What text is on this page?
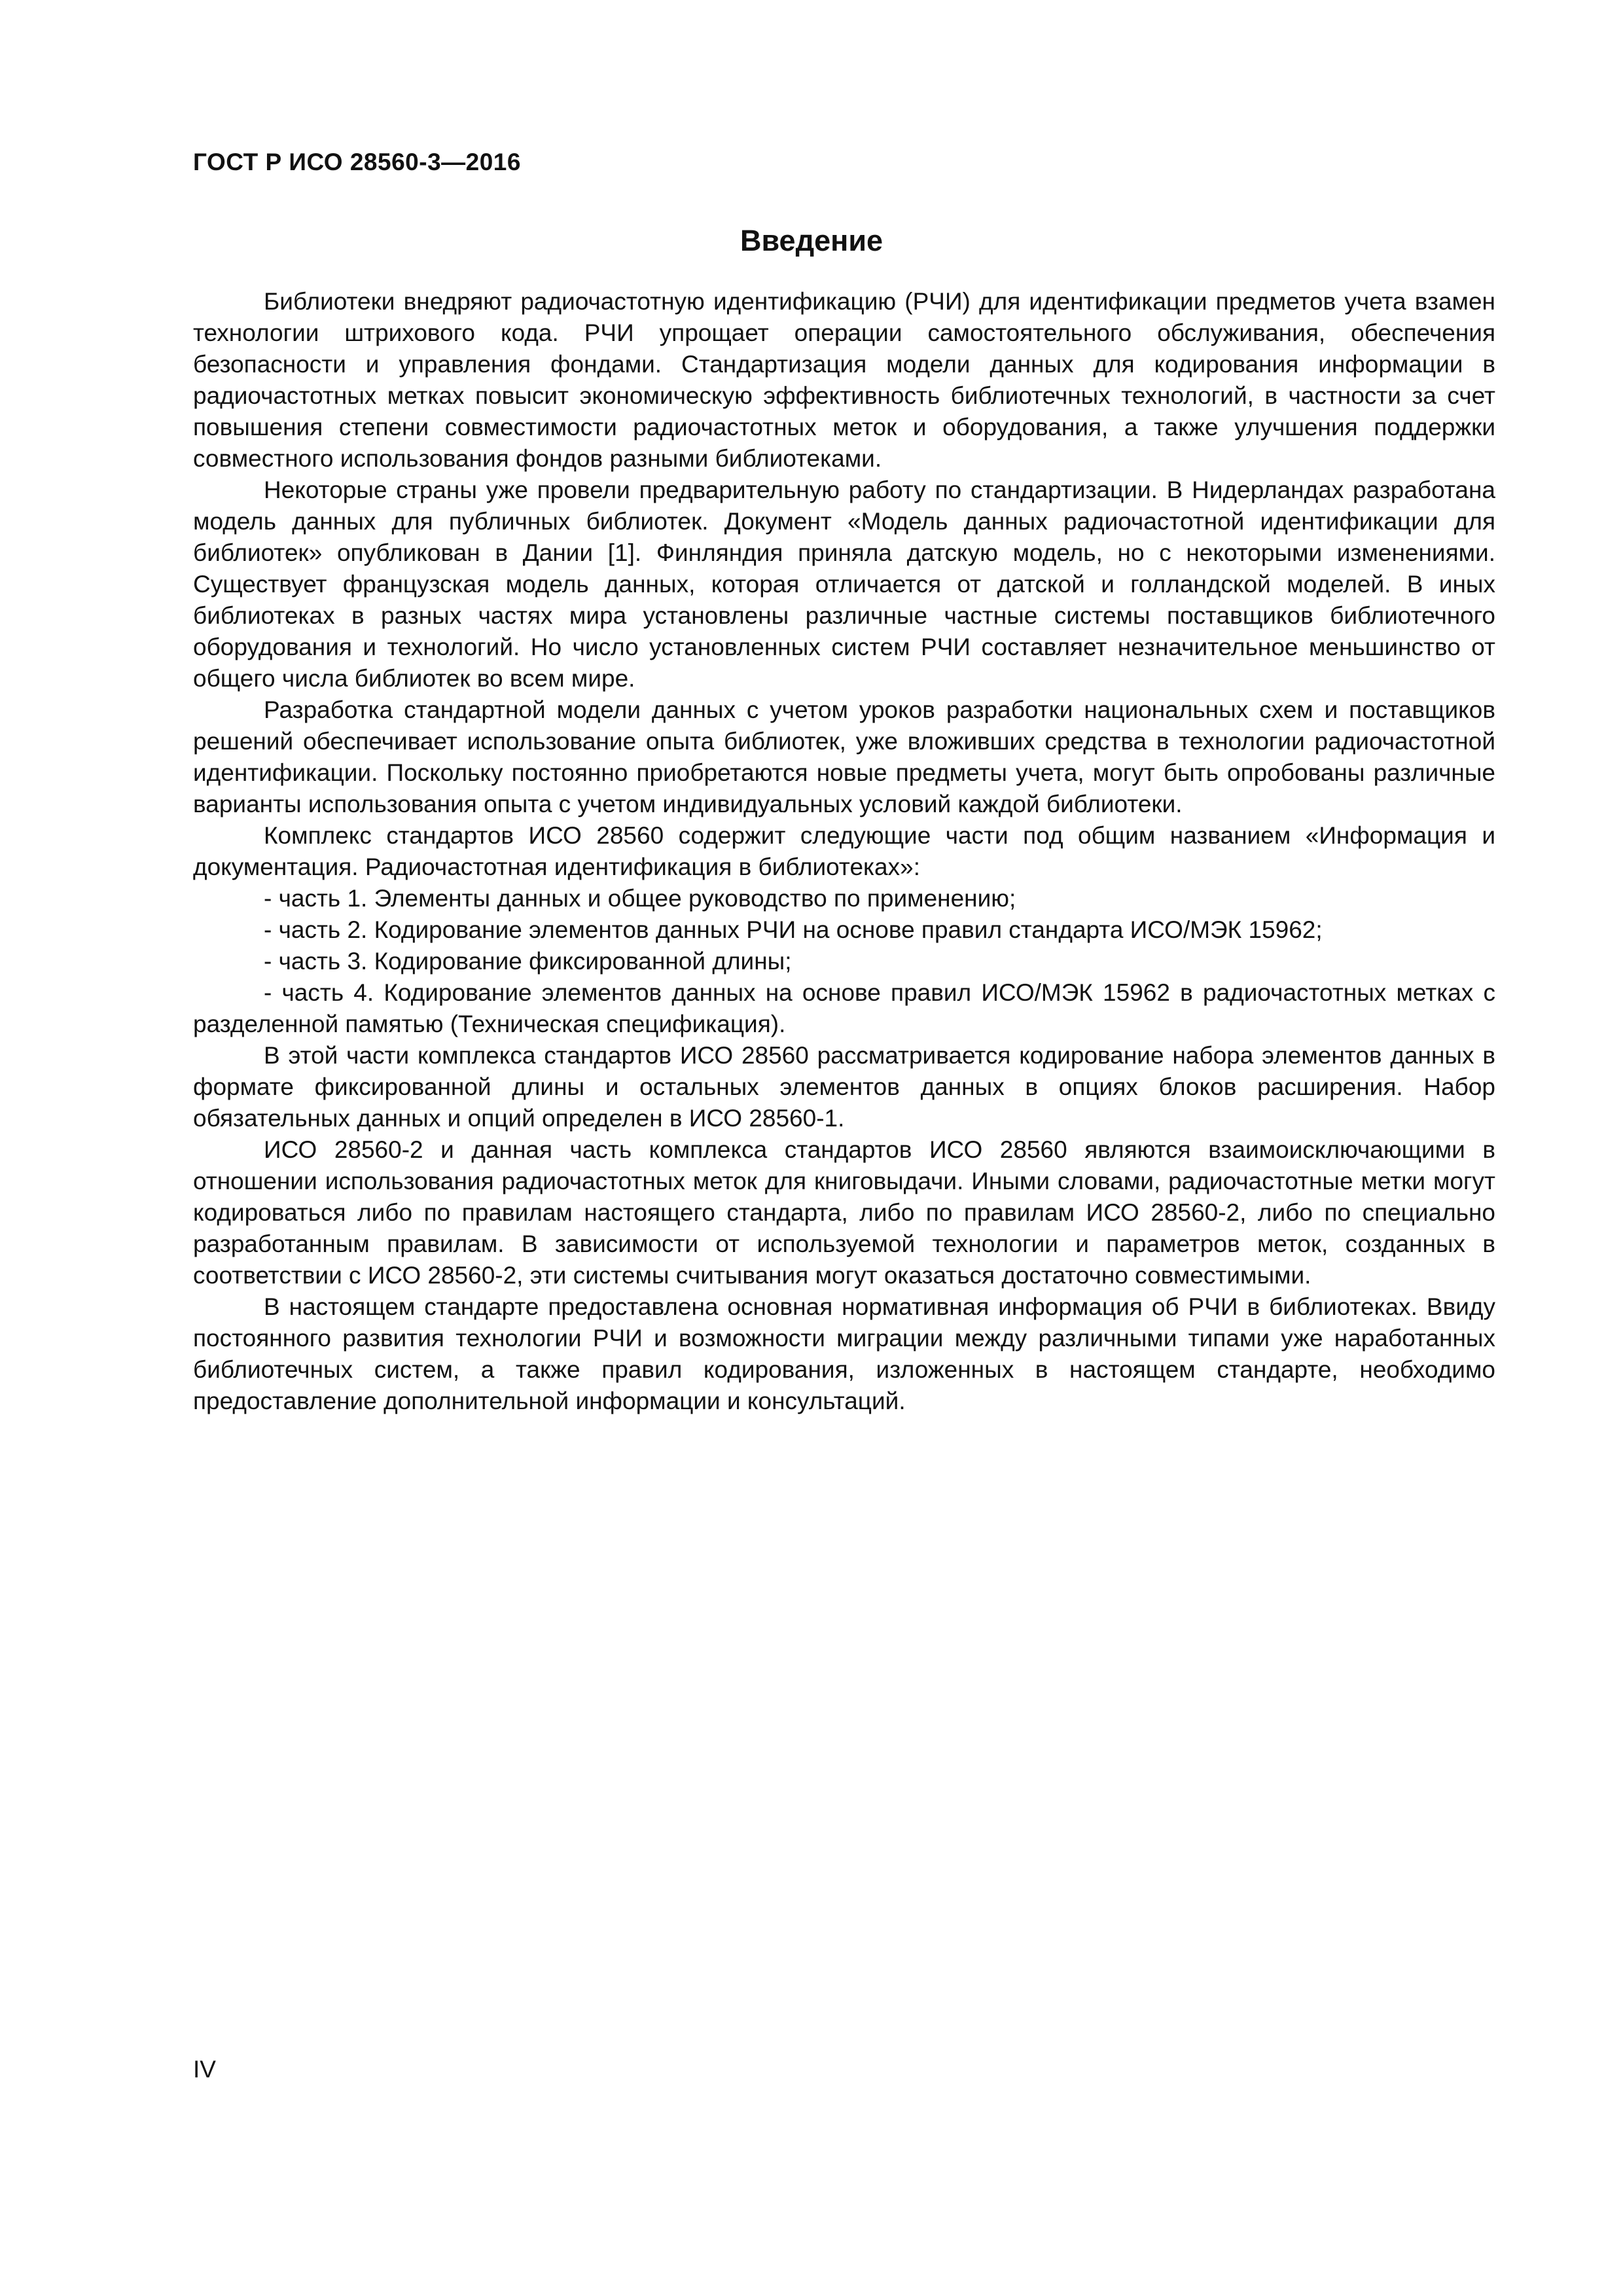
ГОСТ Р ИСО 28560-3—2016
Введение

Библиотеки внедряют радиочастотную идентификацию (РЧИ) для идентификации предметов учета взамен технологии штрихового кода. РЧИ упрощает операции самостоятельного обслуживания, обеспечения безопасности и управления фондами. Стандартизация модели данных для кодирования информации в радиочастотных метках повысит экономическую эффективность библиотечных технологий, в частности за счет повышения степени совместимости радиочастотных меток и оборудования, а также улучшения поддержки совместного использования фондов разными библиотеками.

Некоторые страны уже провели предварительную работу по стандартизации. В Нидерландах разработана модель данных для публичных библиотек. Документ «Модель данных радиочастотной идентификации для библиотек» опубликован в Дании [1]. Финляндия приняла датскую модель, но с некоторыми изменениями. Существует французская модель данных, которая отличается от датской и голландской моделей. В иных библиотеках в разных частях мира установлены различные частные системы поставщиков библиотечного оборудования и технологий. Но число установленных систем РЧИ составляет незначительное меньшинство от общего числа библиотек во всем мире.

Разработка стандартной модели данных с учетом уроков разработки национальных схем и поставщиков решений обеспечивает использование опыта библиотек, уже вложивших средства в технологии радиочастотной идентификации. Поскольку постоянно приобретаются новые предметы учета, могут быть опробованы различные варианты использования опыта с учетом индивидуальных условий каждой библиотеки.

Комплекс стандартов ИСО 28560 содержит следующие части под общим названием «Информация и документация. Радиочастотная идентификация в библиотеках»:

- часть 1. Элементы данных и общее руководство по применению;

- часть 2. Кодирование элементов данных РЧИ на основе правил стандарта ИСО/МЭК 15962;

- часть 3. Кодирование фиксированной длины;

- часть 4. Кодирование элементов данных на основе правил ИСО/МЭК 15962 в радиочастотных метках с разделенной памятью (Техническая спецификация).

В этой части комплекса стандартов ИСО 28560 рассматривается кодирование набора элементов данных в формате фиксированной длины и остальных элементов данных в опциях блоков расширения. Набор обязательных данных и опций определен в ИСО 28560-1.

ИСО 28560-2 и данная часть комплекса стандартов ИСО 28560 являются взаимоисключающими в отношении использования радиочастотных меток для книговыдачи. Иными словами, радиочастотные метки могут кодироваться либо по правилам настоящего стандарта, либо по правилам ИСО 28560-2, либо по специально разработанным правилам. В зависимости от используемой технологии и параметров меток, созданных в соответствии с ИСО 28560-2, эти системы считывания могут оказаться достаточно совместимыми.

В настоящем стандарте предоставлена основная нормативная информация об РЧИ в библиотеках. Ввиду постоянного развития технологии РЧИ и возможности миграции между различными типами уже наработанных библиотечных систем, а также правил кодирования, изложенных в настоящем стандарте, необходимо предоставление дополнительной информации и консультаций.

IV
